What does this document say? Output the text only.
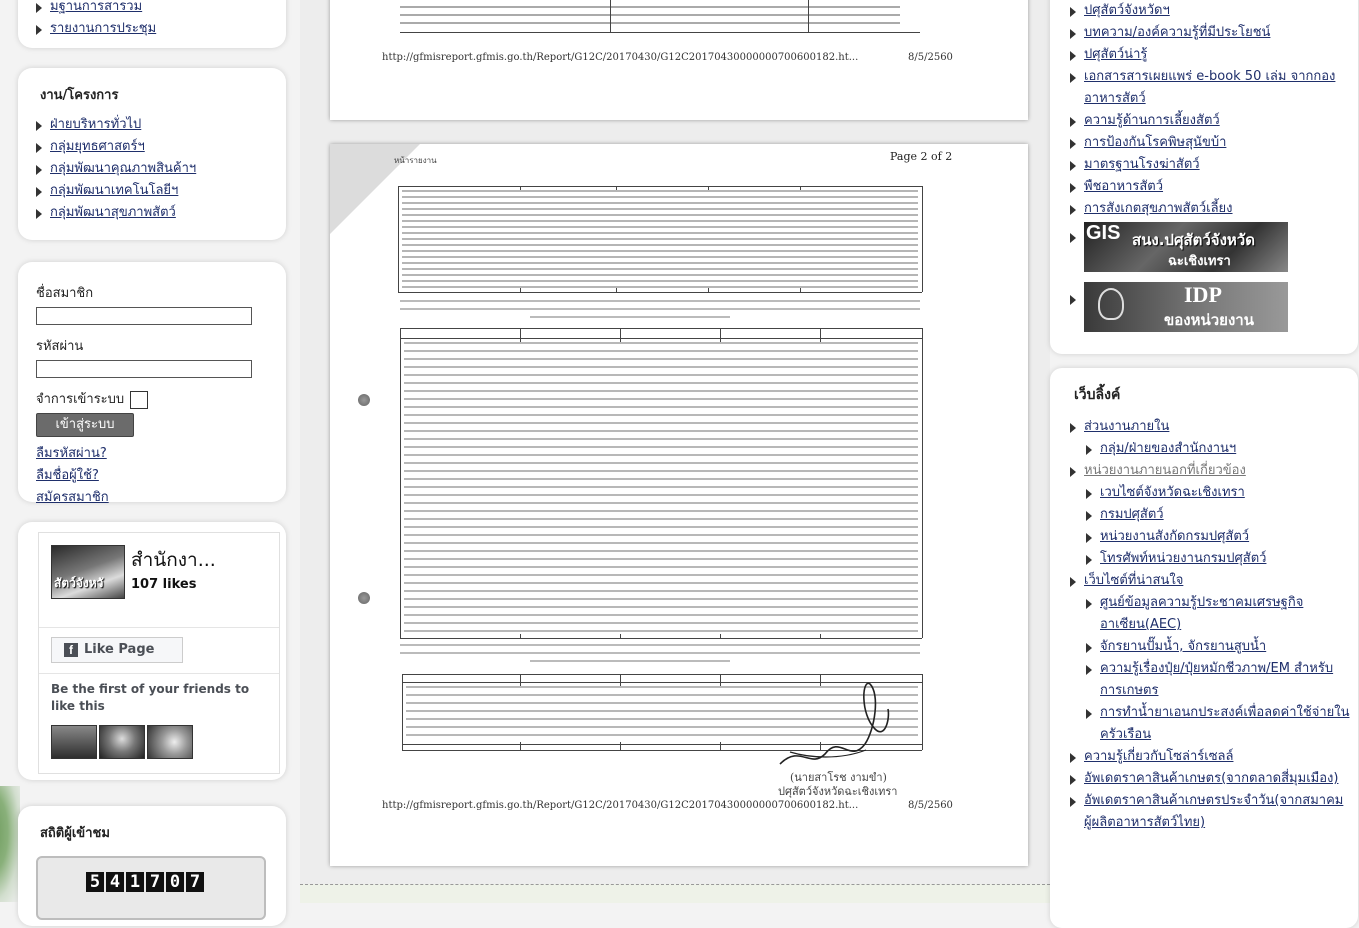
มฐานการสารวม
รายงานการประชุม
งาน/โครงการ
ฝ่ายบริหารทั่วไป
กลุ่มยุทธศาสตร์ฯ
กลุ่มพัฒนาคุณภาพสินค้าฯ
กลุ่มพัฒนาเทคโนโลยีฯ
กลุ่มพัฒนาสุขภาพสัตว์
ชื่อสมาชิก
รหัสผ่าน
จำการเข้าระบบ
เข้าสู่ระบบ
ลืมรหัสผ่าน?
ลืมชื่อผู้ใช้?
สมัครสมาชิก
สัตว์จังหวั
สำนักงา...
107 likes
f Like Page
Be the first of your friends to like this
สถิติผู้เข้าชม
5 4 1 7 0 7
http://gfmisreport.gfmis.go.th/Report/G12C/20170430/G12C20170430000000700600182.ht...	8/5/2560
หน้ารายงาน	Page 2 of 2
(นายสาโรช งามขำ)
ปศุสัตว์จังหวัดฉะเชิงเทรา
http://gfmisreport.gfmis.go.th/Report/G12C/20170430/G12C20170430000000700600182.ht...	8/5/2560
ปศุสัตว์จังหวัดฯ
บทความ/องค์ความรู้ที่มีประโยชน์
ปศุสัตว์น่ารู้
เอกสารสารเผยแพร่ e-book 50 เล่ม จากกองอาหารสัตว์
ความรู้ด้านการเลี้ยงสัตว์
การป้องกันโรคพิษสุนัขบ้า
มาตรฐานโรงฆ่าสัตว์
พืชอาหารสัตว์
การสังเกตสุขภาพสัตว์เลี้ยง
GIS สนง.ปศุสัตว์จังหวัด
ฉะเชิงเทรา
IDP
ของหน่วยงาน
เว็บลิ้งค์
ส่วนงานภายใน
กลุ่ม/ฝ่ายของสำนักงานฯ
หน่วยงานภายนอกที่เกี่ยวข้อง
เวบไซต์จังหวัดฉะเชิงเทรา
กรมปศุสัตว์
หน่วยงานสังกัดกรมปศุสัตว์
โทรศัพท์หน่วยงานกรมปศุสัตว์
เว็บไซต์ที่น่าสนใจ
ศูนย์ข้อมูลความรู้ประชาคมเศรษฐกิจอาเซียน(AEC)
จักรยานปั๊มน้ำ, จักรยานสูบน้ำ
ความรู้เรื่องปุ๋ย/ปุ๋ยหมักชีวภาพ/EM สำหรับการเกษตร
การทำน้ำยาเอนกประสงค์เพื่อลดค่าใช้จ่ายในครัวเรือน
ความรู้เกี่ยวกับโซล่าร์เซลล์
อัพเดตราคาสินค้าเกษตร(จากตลาดสี่มุมเมือง)
อัพเดตราคาสินค้าเกษตรประจำวัน(จากสมาคมผู้ผลิตอาหารสัตว์ไทย)
